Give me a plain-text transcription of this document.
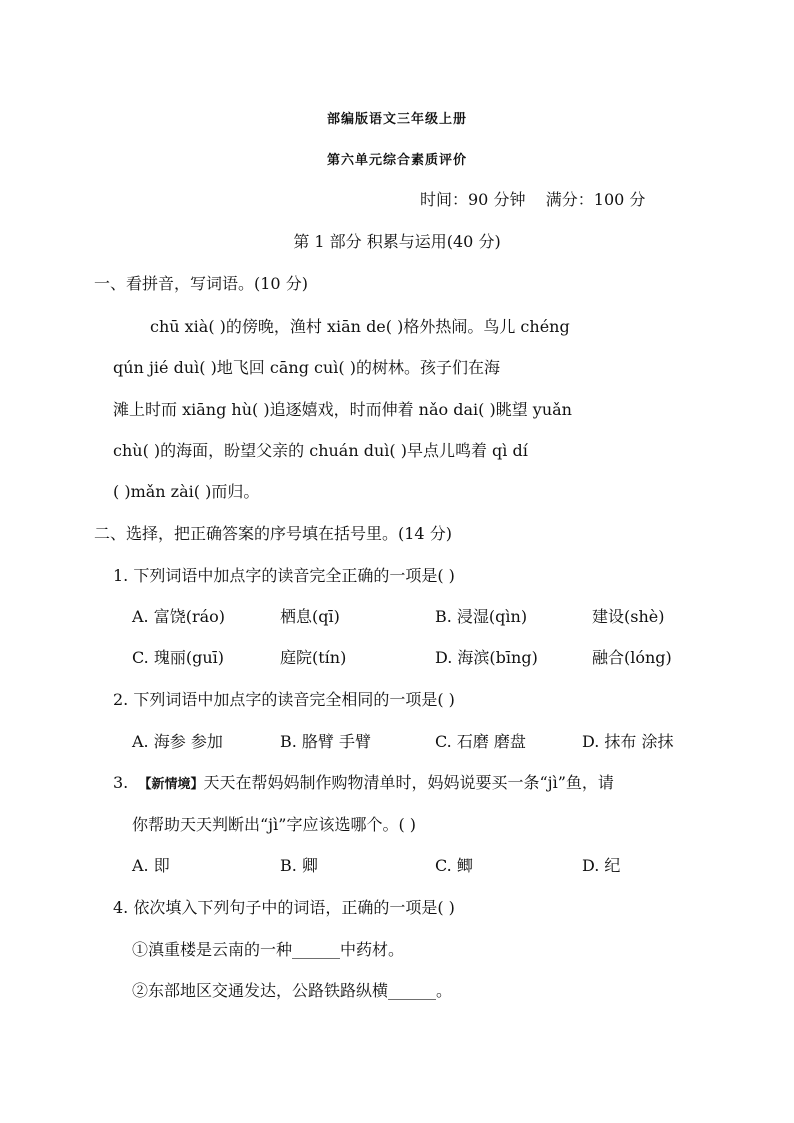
部编版语文三年级上册
第六单元综合素质评价
时间：90 分钟 满分：100 分
第 1 部分 积累与运用(40 分)
一、看拼音，写词语。(10 分)
chū xià( )的傍晚，渔村 xiān de( )格外热闹。鸟儿 chéng
qún jié duì( )地飞回 cāng cuì( )的树林。孩子们在海
滩上时而 xiāng hù( )追逐嬉戏，时而伸着 nǎo dai( )眺望 yuǎn
chù( )的海面，盼望父亲的 chuán duì( )早点儿鸣着 qì dí
( )mǎn zài( )而归。
二、选择，把正确答案的序号填在括号里。(14 分)
1. 下列词语中加点字的读音完全正确的一项是( )
A. 富饶(ráo)	栖息(qī)	B. 浸湿(qìn)	建设(shè)
C. 瑰丽(guī)	庭院(tín)	D. 海滨(bīng)	融合(lóng)
2. 下列词语中加点字的读音完全相同的一项是( )
A. 海参 参加	B. 胳臂 手臂	C. 石磨 磨盘	D. 抹布 涂抹
3. 【新情境】天天在帮妈妈制作购物清单时，妈妈说要买一条“jì”鱼，请
你帮助天天判断出“jì”字应该选哪个。( )
A. 即	B. 卿	C. 鲫	D. 纪
4. 依次填入下列句子中的词语，正确的一项是( )
①滇重楼是云南的一种______中药材。
②东部地区交通发达，公路铁路纵横______。
